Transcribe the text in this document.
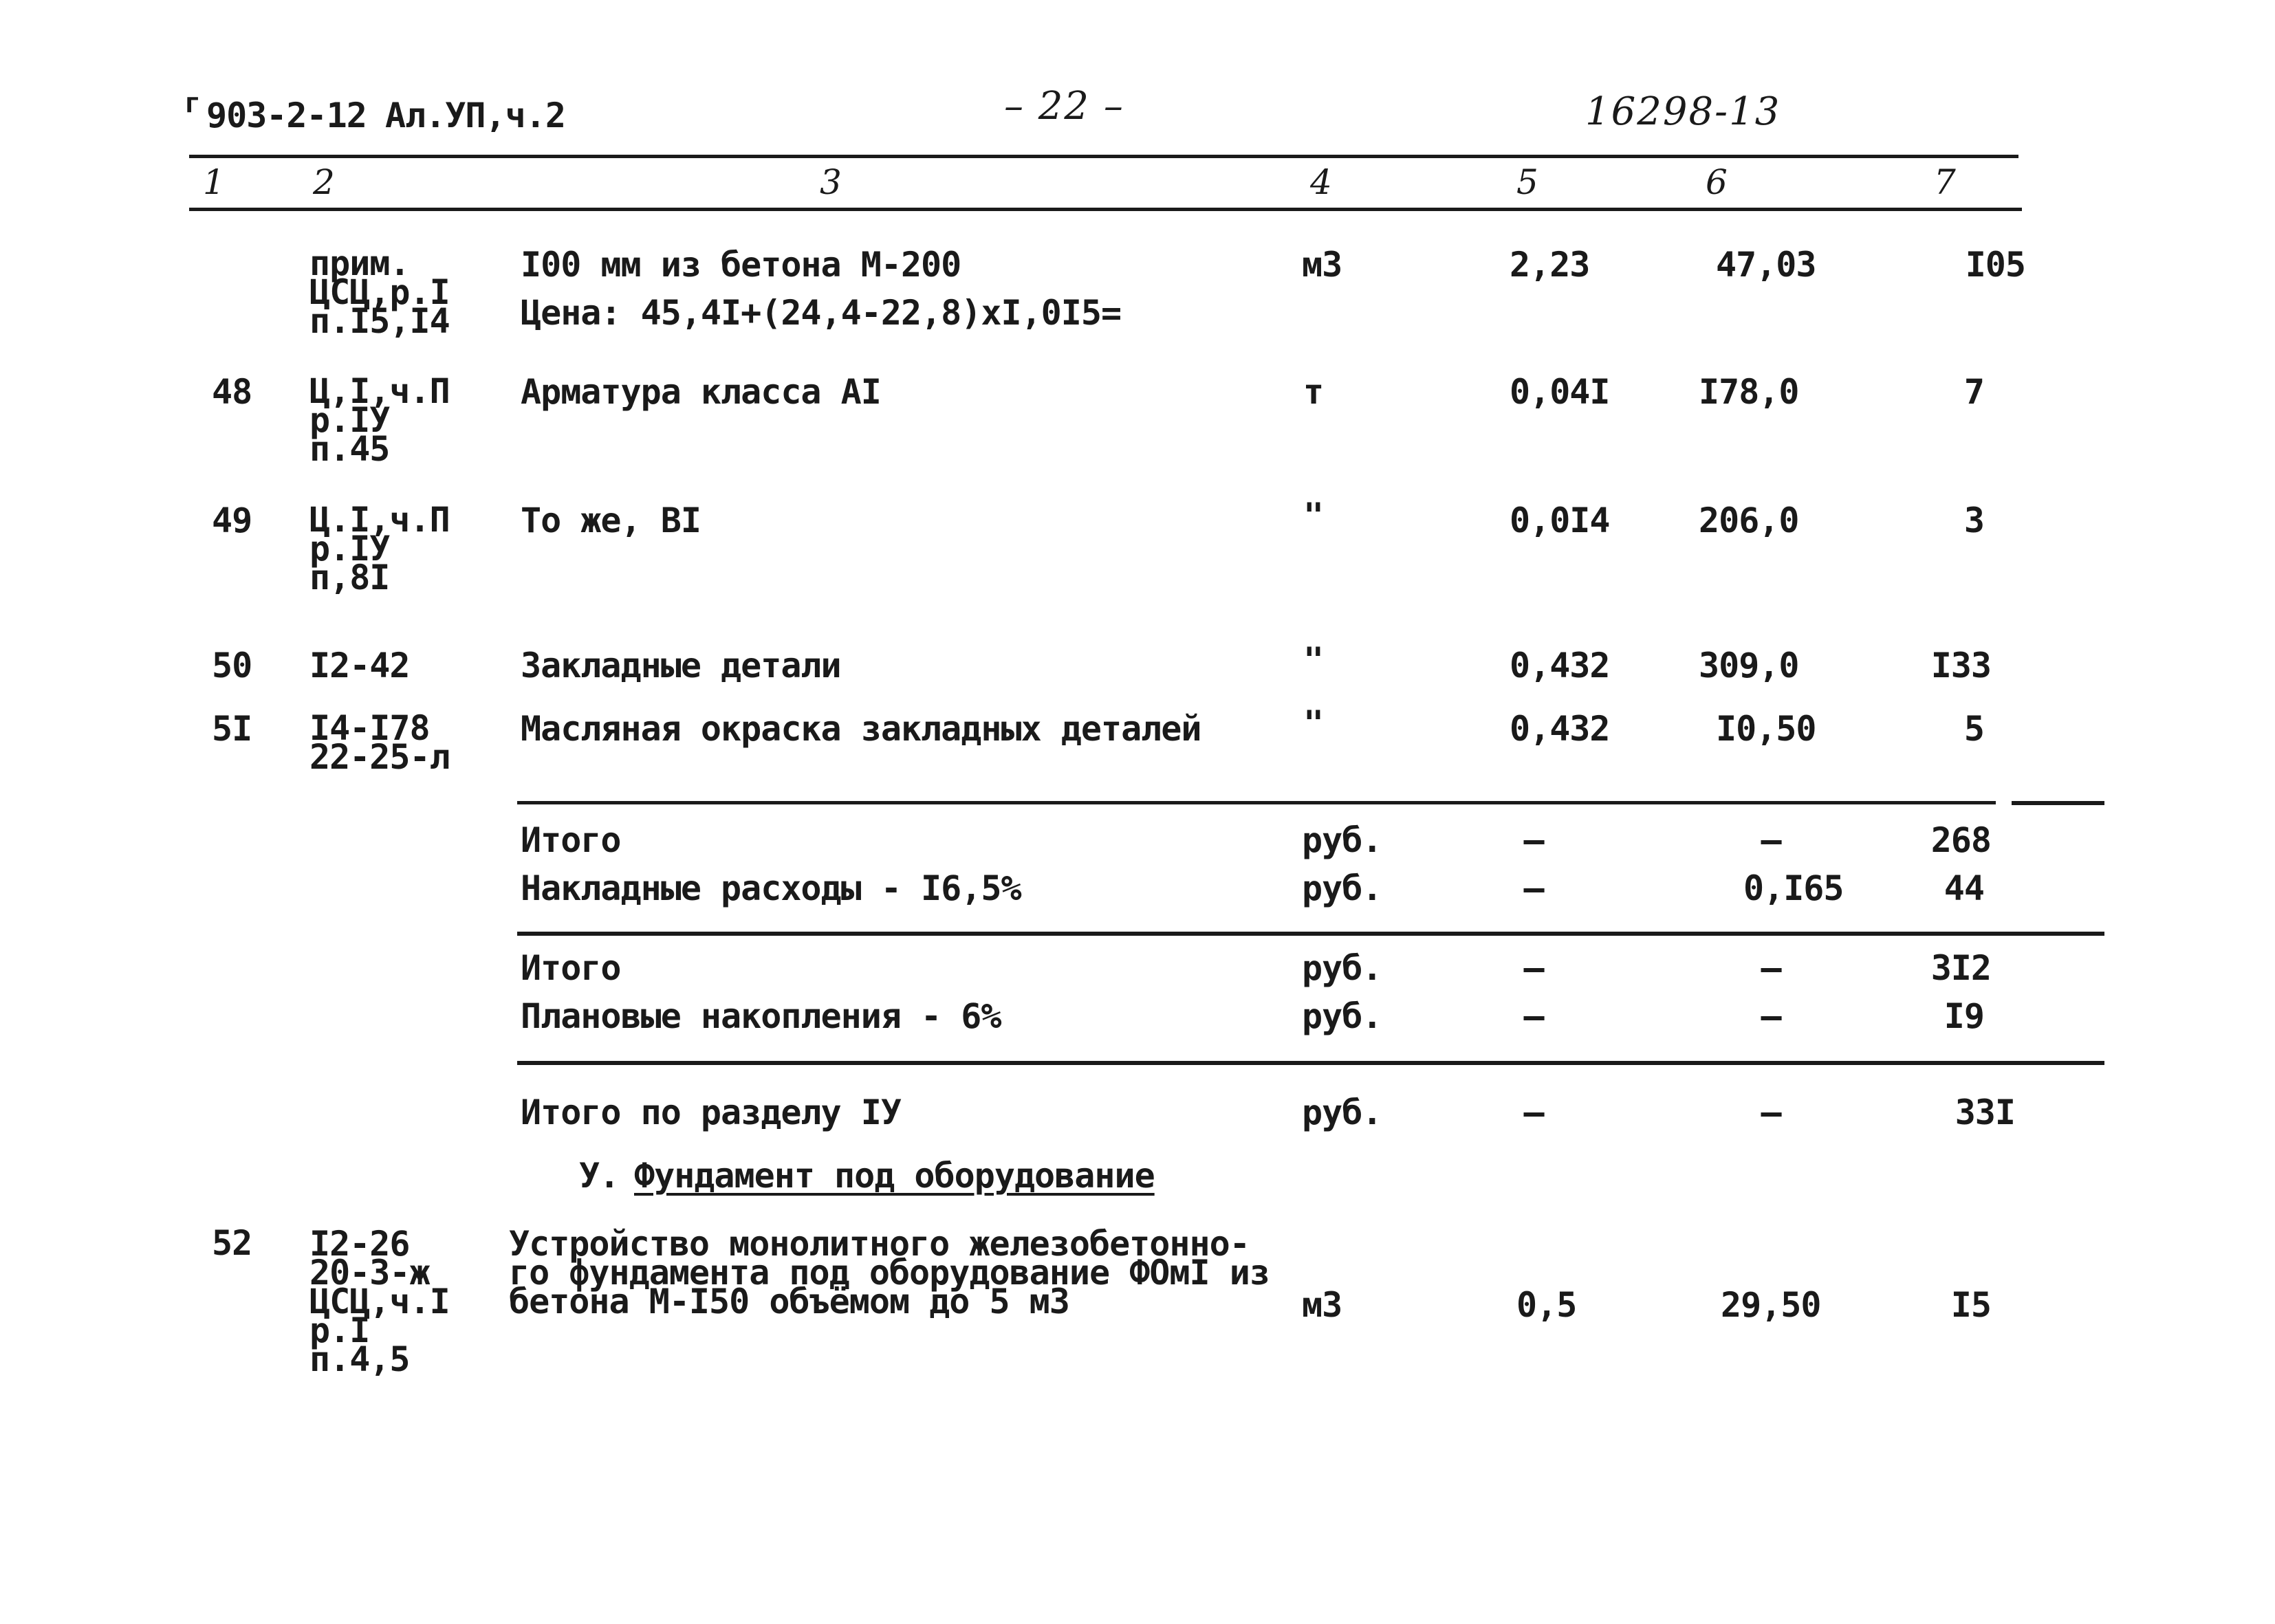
г 903-2-12 Ал.УП,ч.2	– 22 –	16298-13
1	2	3	4	5	6	7
прим.
ЦСЦ,р.I
п.I5,I4
I00 мм из бетона М-200
Цена: 45,4I+(24,4-22,8)xI,0I5=
м3	2,23	47,03	I05
48 Ц,I,ч.П
р.IУ
п.45
Арматура класса АI	т	0,04I	I78,0	7
49 Ц.I,ч.П
р.IУ
п,8I
То же, ВI	"	0,0I4	206,0	3
50 I2-42	Закладные детали	"	0,432	309,0	I33
5I I4-I78
22-25-л
Масляная окраска закладных деталей	"	0,432	I0,50	5
Итого	руб.	–	–	268
Накладные расходы - I6,5%	руб.	–	0,I65	44
Итого	руб.	–	–	3I2
Плановые накопления - 6%	руб.	–	–	I9
Итого по разделу IУ	руб.	–	–	33I
У. Фундамент под оборудование
52 I2-26
20-3-ж
ЦСЦ,ч.I
р.I
п.4,5
Устройство монолитного железобетонно-
го фундамента под оборудование ФОмI из
бетона М-I50 объёмом до 5 м3	м3	0,5	29,50	I5
